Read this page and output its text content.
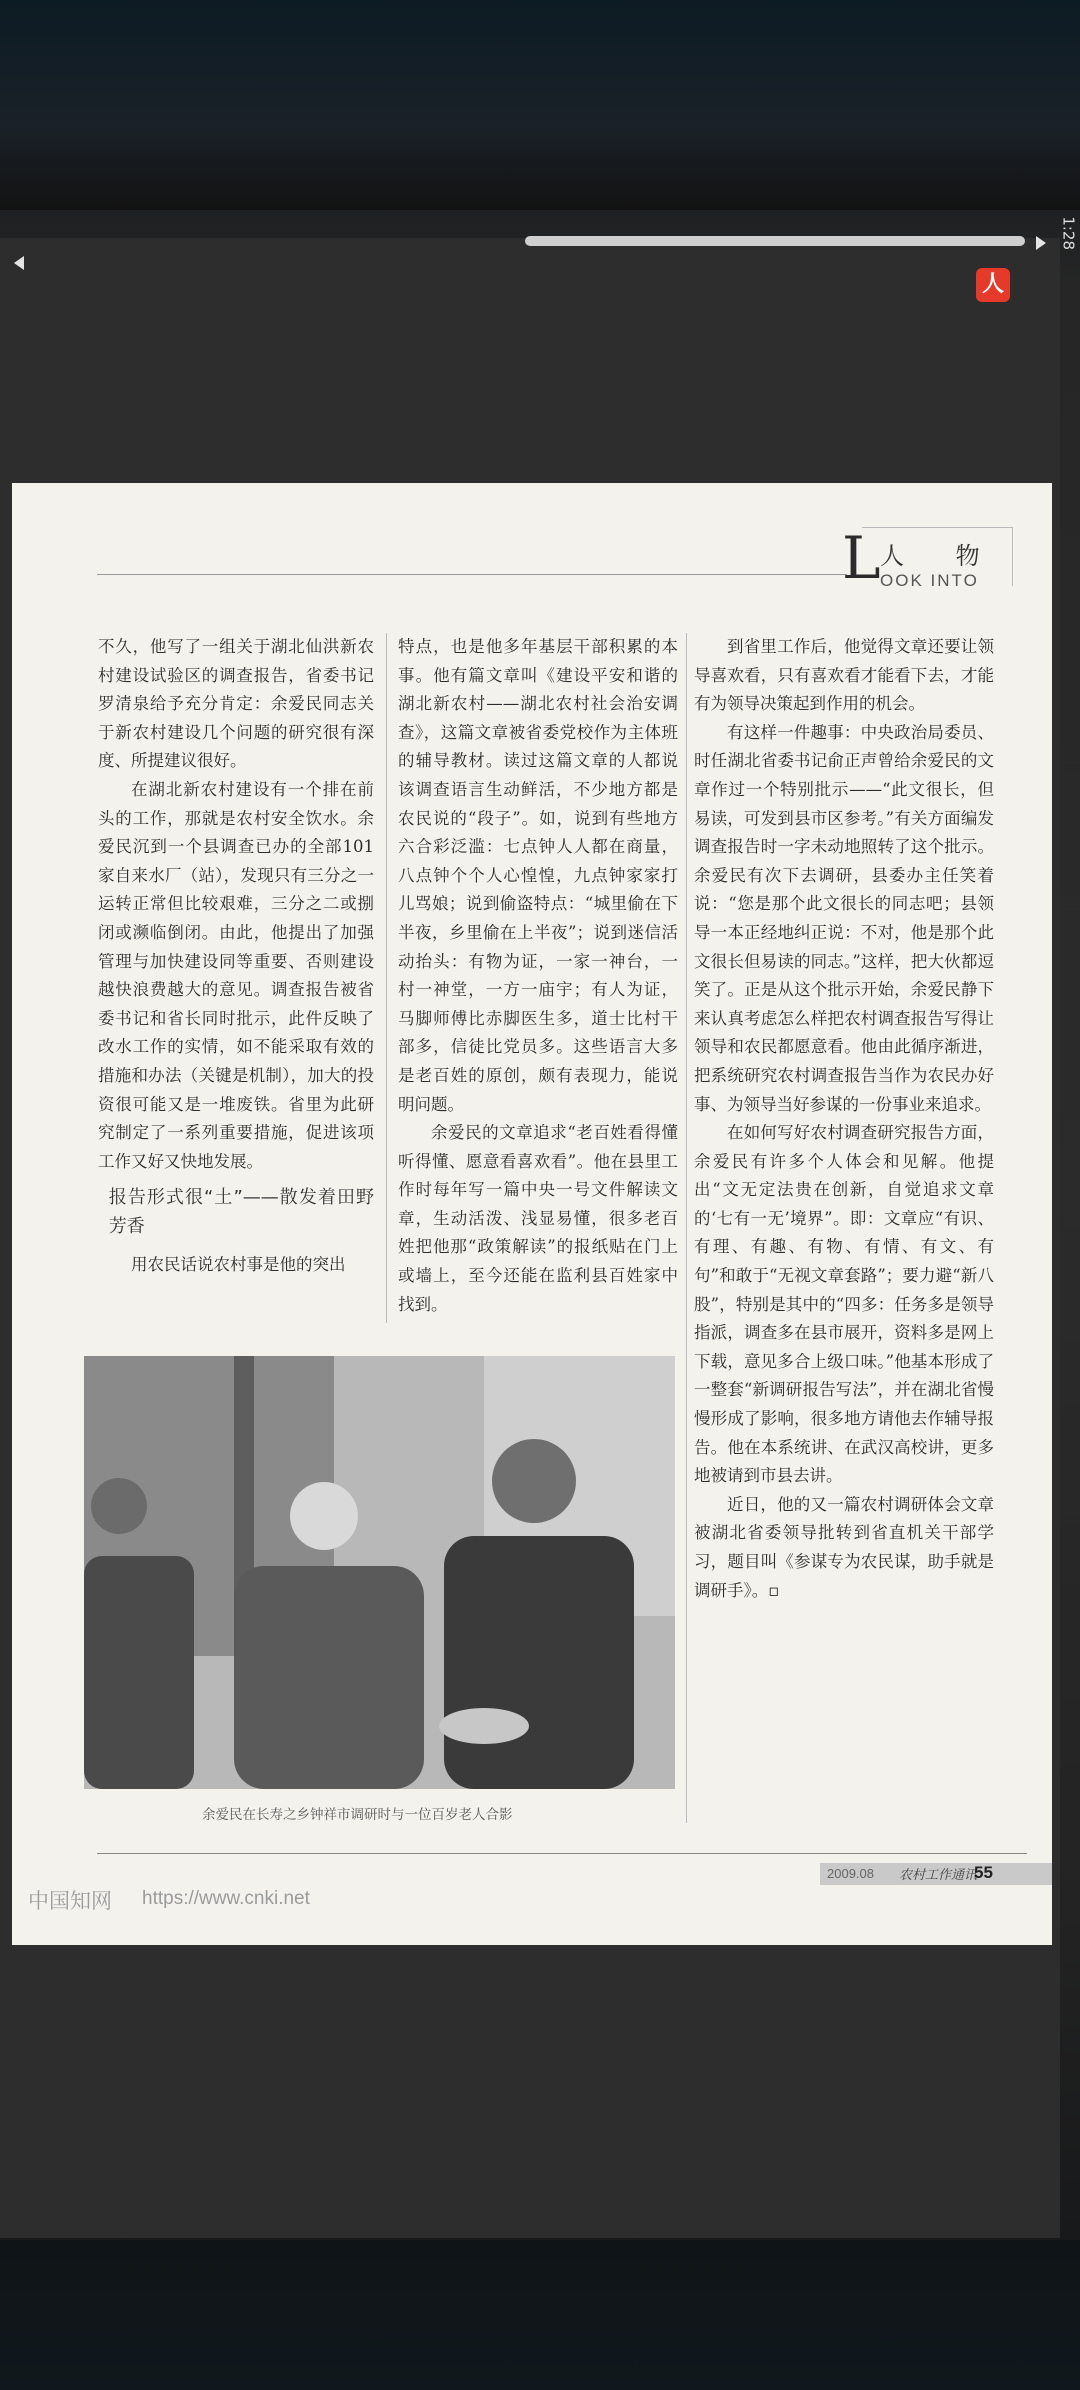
1:28
人
L 人 物
OOK INTO

不久，他写了一组关于湖北仙洪新农村建设试验区的调查报告，省委书记罗清泉给予充分肯定：余爱民同志关于新农村建设几个问题的研究很有深度、所提建议很好。

在湖北新农村建设有一个排在前头的工作，那就是农村安全饮水。余爱民沉到一个县调查已办的全部101家自来水厂（站），发现只有三分之一运转正常但比较艰难，三分之二或捌闭或濒临倒闭。由此，他提出了加强管理与加快建设同等重要、否则建设越快浪费越大的意见。调查报告被省委书记和省长同时批示，此件反映了改水工作的实情，如不能采取有效的措施和办法（关键是机制），加大的投资很可能又是一堆废铁。省里为此研究制定了一系列重要措施，促进该项工作又好又快地发展。

报告形式很“土”——散发着田野芳香

用农民话说农村事是他的突出

特点，也是他多年基层干部积累的本事。他有篇文章叫《建设平安和谐的湖北新农村——湖北农村社会治安调查》，这篇文章被省委党校作为主体班的辅导教材。读过这篇文章的人都说该调查语言生动鲜活，不少地方都是农民说的“段子”。如，说到有些地方六合彩泛滥：七点钟人人都在商量，八点钟个个人心惶惶，九点钟家家打儿骂娘；说到偷盗特点：“城里偷在下半夜，乡里偷在上半夜”；说到迷信活动抬头：有物为证，一家一神台，一村一神堂，一方一庙宇；有人为证，马脚师傅比赤脚医生多，道士比村干部多，信徒比党员多。这些语言大多是老百姓的原创，颇有表现力，能说明问题。

余爱民的文章追求“老百姓看得懂听得懂、愿意看喜欢看”。他在县里工作时每年写一篇中央一号文件解读文章，生动活泼、浅显易懂，很多老百姓把他那“政策解读”的报纸贴在门上或墙上，至今还能在监利县百姓家中找到。

到省里工作后，他觉得文章还要让领导喜欢看，只有喜欢看才能看下去，才能有为领导决策起到作用的机会。

有这样一件趣事：中央政治局委员、时任湖北省委书记俞正声曾给余爱民的文章作过一个特别批示——“此文很长，但易读，可发到县市区参考。”有关方面编发调查报告时一字未动地照转了这个批示。余爱民有次下去调研，县委办主任笑着说：“您是那个此文很长的同志吧；县领导一本正经地纠正说：不对，他是那个此文很长但易读的同志。”这样，把大伙都逗笑了。正是从这个批示开始，余爱民静下来认真考虑怎么样把农村调查报告写得让领导和农民都愿意看。他由此循序渐进，把系统研究农村调查报告当作为农民办好事、为领导当好参谋的一份事业来追求。

在如何写好农村调查研究报告方面，余爱民有许多个人体会和见解。他提出“文无定法贵在创新，自觉追求文章的‘七有一无’境界”。即：文章应“有识、有理、有趣、有物、有情、有文、有句”和敢于“无视文章套路”；要力避“新八股”，特别是其中的“四多：任务多是领导指派，调查多在县市展开，资料多是网上下载，意见多合上级口味。”他基本形成了一整套“新调研报告写法”，并在湖北省慢慢形成了影响，很多地方请他去作辅导报告。他在本系统讲、在武汉高校讲，更多地被请到市县去讲。

近日，他的又一篇农村调研体会文章被湖北省委领导批转到省直机关干部学习，题目叫《参谋专为农民谋，助手就是调研手》。▫

余爱民在长寿之乡钟祥市调研时与一位百岁老人合影
2009.08 农村工作通讯
55
中国知网 https://www.cnki.net
